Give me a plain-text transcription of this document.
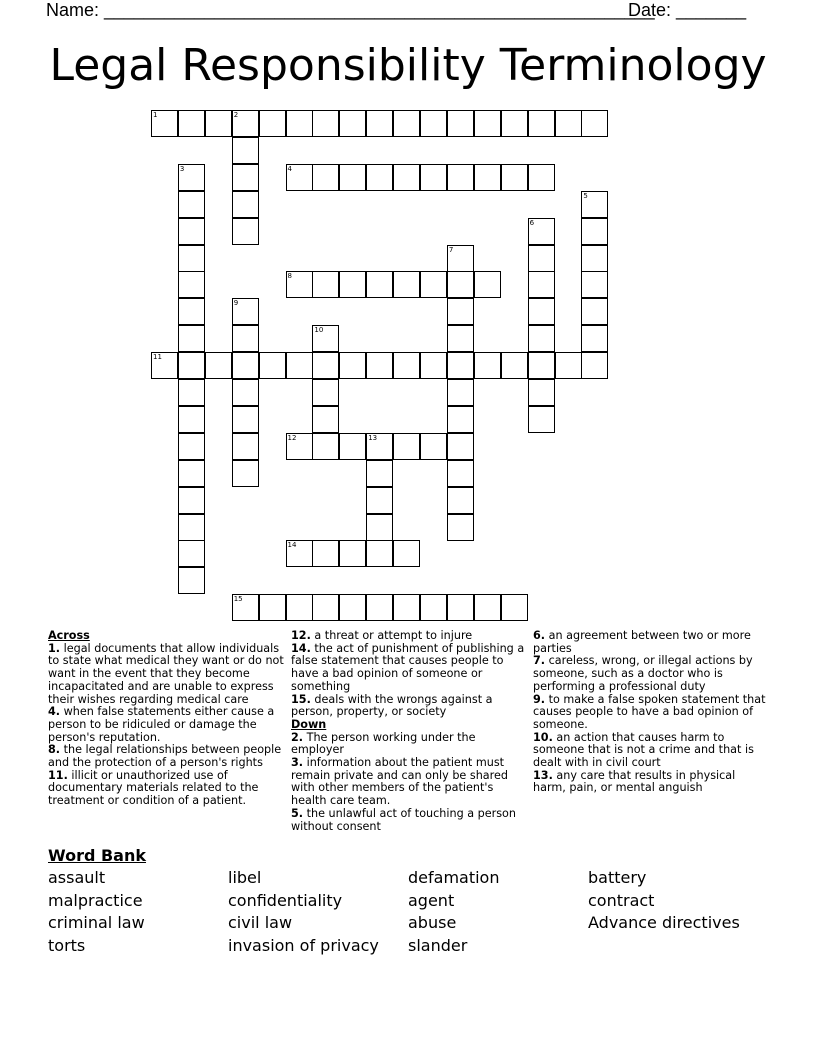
Name: _______________________________________________________
Date: _______
Legal Responsibility Terminology
1	2
3	4
5
6
7
8
9
10
11
12	13
14
15
Across
1. legal documents that allow individuals to state what medical they want or do not want in the event that they become incapacitated and are unable to express their wishes regarding medical care
4. when false statements either cause a person to be ridiculed or damage the person's reputation.
8. the legal relationships between people and the protection of a person's rights
11. illicit or unauthorized use of documentary materials related to the treatment or condition of a patient.
12. a threat or attempt to injure
14. the act of punishment of publishing a false statement that causes people to have a bad opinion of someone or something
15. deals with the wrongs against a person, property, or society
Down
2. The person working under the employer
3. information about the patient must remain private and can only be shared with other members of the patient's health care team.
5. the unlawful act of touching a person without consent
6. an agreement between two or more parties
7. careless, wrong, or illegal actions by someone, such as a doctor who is performing a professional duty
9. to make a false spoken statement that causes people to have a bad opinion of someone.
10. an action that causes harm to someone that is not a crime and that is dealt with in civil court
13. any care that results in physical harm, pain, or mental anguish
Word Bank
assault	libel	defamation	battery
malpractice	confidentiality	agent	contract
criminal law	civil law	abuse	Advance directives
torts	invasion of privacy	slander
